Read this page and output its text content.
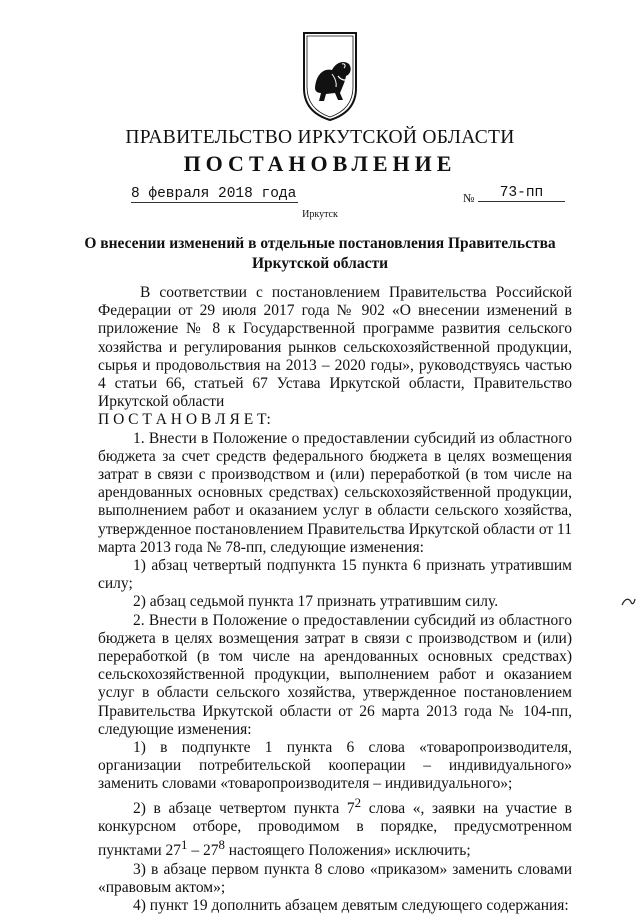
ПРАВИТЕЛЬСТВО ИРКУТСКОЙ ОБЛАСТИ
ПОСТАНОВЛЕНИЕ
8 февраля 2018 года	№	73-пп
Иркутск
О внесении изменений в отдельные постановления Правительства
Иркутской области

В соответствии с постановлением Правительства Российской Федерации от 29 июля 2017 года № 902 «О внесении изменений в приложение № 8 к Государственной программе развития сельского хозяйства и регулирования рынков сельскохозяйственной продукции, сырья и продовольствия на 2013 – 2020 годы», руководствуясь частью 4 статьи 66, статьей 67 Устава Иркутской области, Правительство Иркутской области

П О С Т А Н О В Л Я Е Т:

1. Внести в Положение о предоставлении субсидий из областного бюджета за счет средств федерального бюджета в целях возмещения затрат в связи с производством и (или) переработкой (в том числе на арендованных основных средствах) сельскохозяйственной продукции, выполнением работ и оказанием услуг в области сельского хозяйства, утвержденное постановлением Правительства Иркутской области от 11 марта 2013 года № 78-пп, следующие изменения:

1) абзац четвертый подпункта 15 пункта 6 признать утратившим силу;

2) абзац седьмой пункта 17 признать утратившим силу.

2. Внести в Положение о предоставлении субсидий из областного бюджета в целях возмещения затрат в связи с производством и (или) переработкой (в том числе на арендованных основных средствах) сельскохозяйственной продукции, выполнением работ и оказанием услуг в области сельского хозяйства, утвержденное постановлением Правительства Иркутской области от 26 марта 2013 года № 104-пп, следующие изменения:

1) в подпункте 1 пункта 6 слова «товаропроизводителя, организации потребительской кооперации – индивидуального» заменить словами «товаропроизводителя – индивидуального»;

2) в абзаце четвертом пункта $7^2$ слова «, заявки на участие в конкурсном отборе, проводимом в порядке, предусмотренном пунктами $27^1 - 27^8$ настоящего Положения» исключить;

3) в абзаце первом пункта 8 слово «приказом» заменить словами «правовым актом»;

4) пункт 19 дополнить абзацем девятым следующего содержания:
